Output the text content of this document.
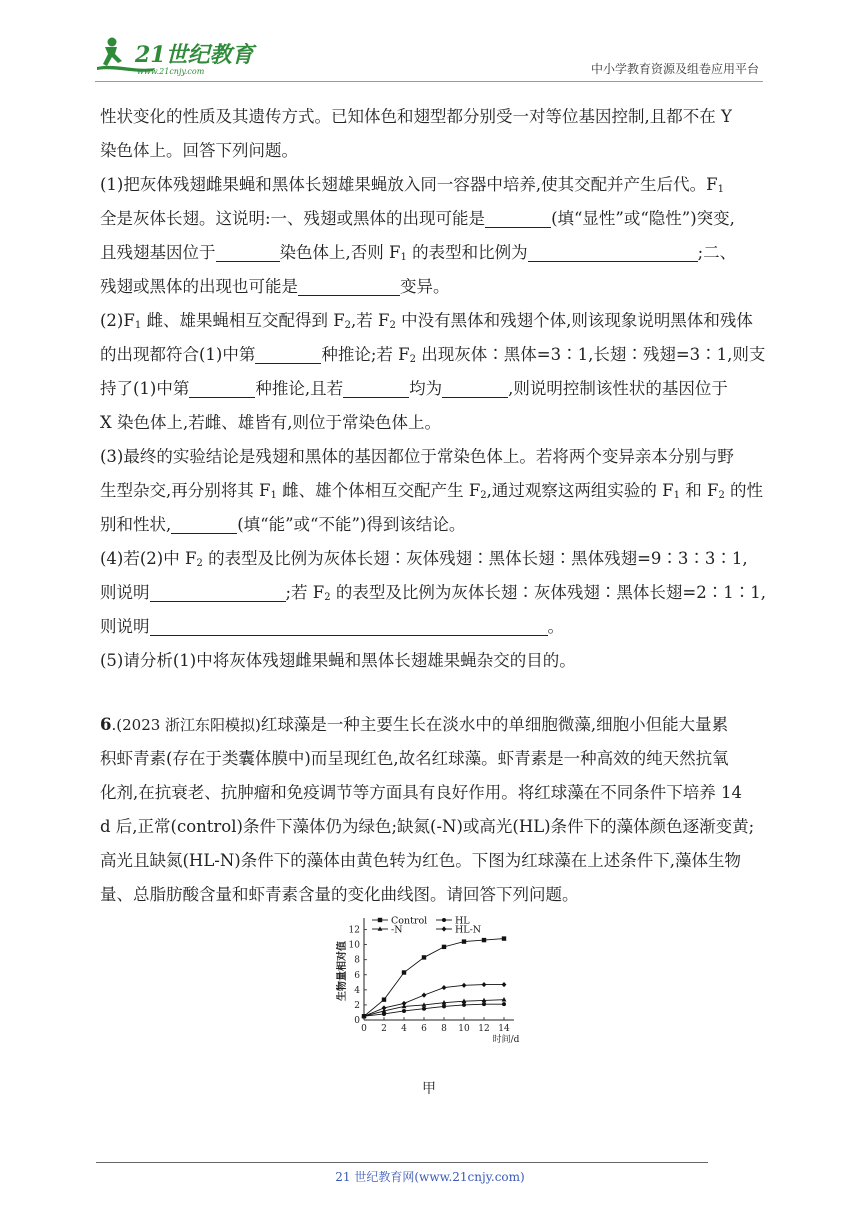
21世纪教育
www.21cnjy.com	中小学教育资源及组卷应用平台

性状变化的性质及其遗传方式。已知体色和翅型都分别受一对等位基因控制,且都不在 Y
染色体上。回答下列问题。

(1)把灰体残翅雌果蝇和黑体长翅雄果蝇放入同一容器中培养,使其交配并产生后代。$F_1$
全是灰体长翅。这说明:一、残翅或黑体的出现可能是	(填“显性”或“隐性”)突变,
且残翅基因位于	染色体上,否则 $F_1$ 的表型和比例为	;二、
残翅或黑体的出现也可能是	变异。

$(2)F_1$ 雌、雄果蝇相互交配得到 $F_2$,若 $F_2$ 中没有黑体和残翅个体,则该现象说明黑体和残体
的出现都符合(1)中第	种推论;若 $F_2$ 出现灰体∶黑体=3∶1,长翅∶残翅=3∶1,则支
持了(1)中第	种推论,且若	均为	,则说明控制该性状的基因位于
X 染色体上,若雌、雄皆有,则位于常染色体上。

(3)最终的实验结论是残翅和黑体的基因都位于常染色体上。若将两个变异亲本分别与野
生型杂交,再分别将其 $F_1$ 雌、雄个体相互交配产生 $F_2$,通过观察这两组实验的 $F_1$ 和 $F_2$ 的性
别和性状,	(填“能”或“不能”)得到该结论。

(4)若(2)中 $F_2$ 的表型及比例为灰体长翅∶灰体残翅∶黑体长翅∶黑体残翅=9∶3∶3∶1,
则说明	;若 $F_2$ 的表型及比例为灰体长翅∶灰体残翅∶黑体长翅=2∶1∶1,
则说明	。

(5)请分析(1)中将灰体残翅雌果蝇和黑体长翅雄果蝇杂交的目的。

6.(2023 浙江东阳模拟)红球藻是一种主要生长在淡水中的单细胞微藻,细胞小但能大量累
积虾青素(存在于类囊体膜中)而呈现红色,故名红球藻。虾青素是一种高效的纯天然抗氧
化剂,在抗衰老、抗肿瘤和免疫调节等方面具有良好作用。将红球藻在不同条件下培养 14
d 后,正常(control)条件下藻体仍为绿色;缺氮(-N)或高光(HL)条件下的藻体颜色逐渐变黄;
高光且缺氮(HL-N)条件下的藻体由黄色转为红色。下图为红球藻在上述条件下,藻体生物
量、总脂肪酸含量和虾青素含量的变化曲线图。请回答下列问题。

0 2 4 6 8 10 12 14
0
2
4
6
8
10
12
生物量相对值
时间/d
Control	HL
-N	HL-N
甲
21 世纪教育网(www.21cnjy.com)
